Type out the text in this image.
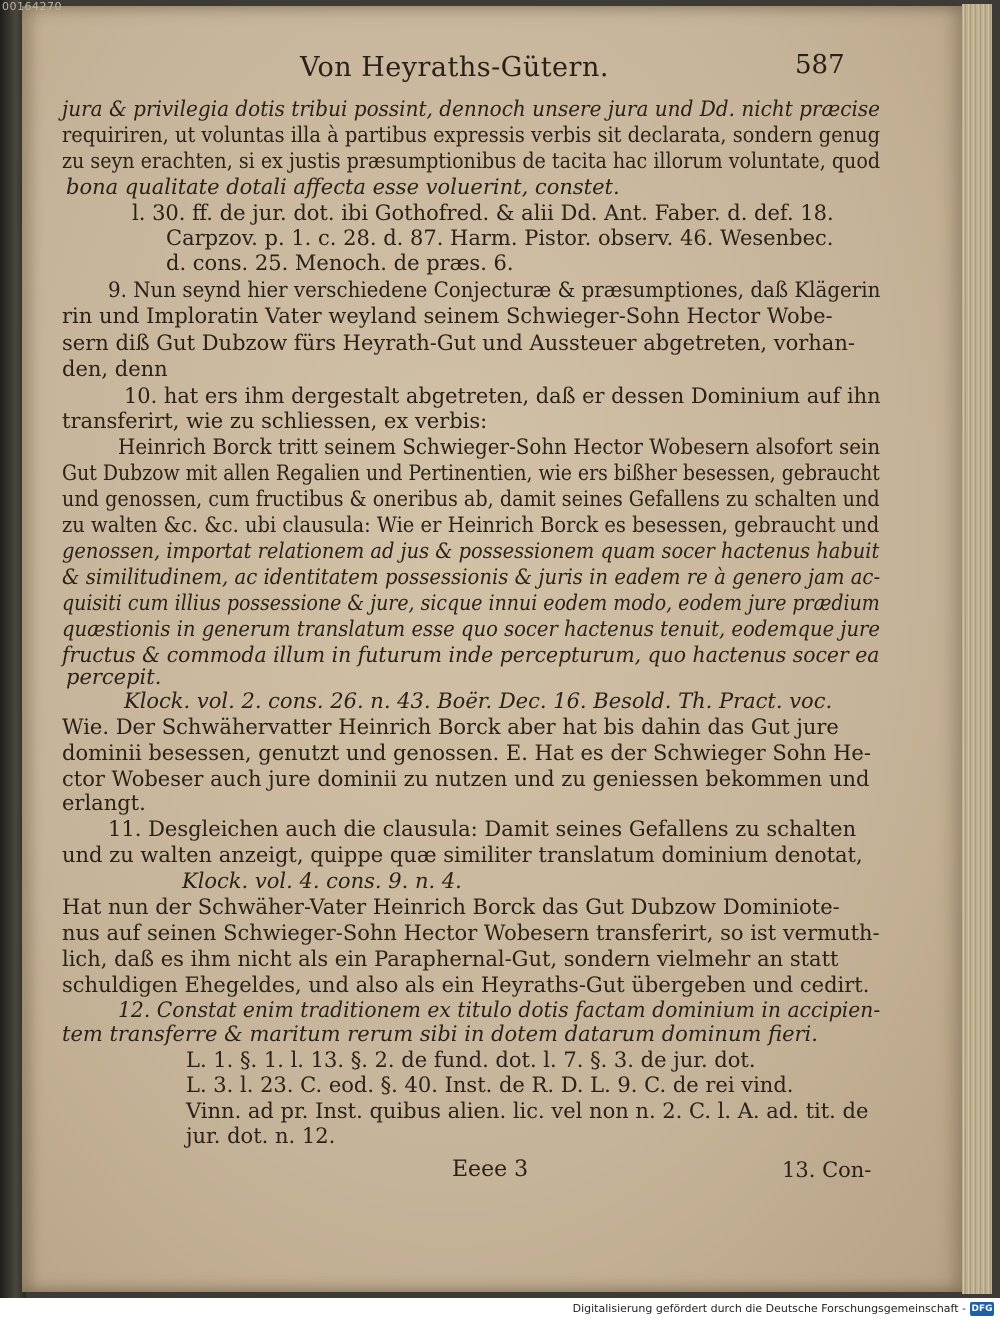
00164270
Von Heyraths-Gütern.	587
jura & privilegia dotis tribui possint, dennoch unsere jura und Dd. nicht præcise
requiriren, ut voluntas illa à partibus expressis verbis sit declarata, sondern genug
zu seyn erachten, si ex justis præsumptionibus de tacita hac illorum voluntate, quod
bona qualitate dotali affecta esse voluerint, constet.
l. 30. ff. de jur. dot. ibi Gothofred. & alii Dd. Ant. Faber. d. def. 18.
Carpzov. p. 1. c. 28. d. 87. Harm. Pistor. observ. 46. Wesenbec.
d. cons. 25. Menoch. de præs. 6.
9. Nun seynd hier verschiedene Conjecturæ & præsumptiones, daß Klägerin
rin und Imploratin Vater weyland seinem Schwieger-Sohn Hector Wobe-
sern diß Gut Dubzow fürs Heyrath-Gut und Aussteuer abgetreten, vorhan-
den, denn
10. hat ers ihm dergestalt abgetreten, daß er dessen Dominium auf ihn
transferirt, wie zu schliessen, ex verbis:
Heinrich Borck tritt seinem Schwieger-Sohn Hector Wobesern alsofort sein
Gut Dubzow mit allen Regalien und Pertinentien, wie ers bißher besessen, gebraucht
und genossen, cum fructibus & oneribus ab, damit seines Gefallens zu schalten und
zu walten &c. &c. ubi clausula: Wie er Heinrich Borck es besessen, gebraucht und
genossen, importat relationem ad jus & possessionem quam socer hactenus habuit
& similitudinem, ac identitatem possessionis & juris in eadem re à genero jam ac-
quisiti cum illius possessione & jure, sicque innui eodem modo, eodem jure prædium
quæstionis in generum translatum esse quo socer hactenus tenuit, eodemque jure
fructus & commoda illum in futurum inde percepturum, quo hactenus socer ea
percepit.
Klock. vol. 2. cons. 26. n. 43. Boër. Dec. 16. Besold. Th. Pract. voc.
Wie. Der Schwähervatter Heinrich Borck aber hat bis dahin das Gut jure
dominii besessen, genutzt und genossen. E. Hat es der Schwieger Sohn He-
ctor Wobeser auch jure dominii zu nutzen und zu geniessen bekommen und
erlangt.
11. Desgleichen auch die clausula: Damit seines Gefallens zu schalten
und zu walten anzeigt, quippe quæ similiter translatum dominium denotat,
Klock. vol. 4. cons. 9. n. 4.
Hat nun der Schwäher-Vater Heinrich Borck das Gut Dubzow Dominiote-
nus auf seinen Schwieger-Sohn Hector Wobesern transferirt, so ist vermuth-
lich, daß es ihm nicht als ein Paraphernal-Gut, sondern vielmehr an statt
schuldigen Ehegeldes, und also als ein Heyraths-Gut übergeben und cedirt.
12. Constat enim traditionem ex titulo dotis factam dominium in accipien-
tem transferre & maritum rerum sibi in dotem datarum dominum fieri.
L. 1. §. 1. l. 13. §. 2. de fund. dot. l. 7. §. 3. de jur. dot.
L. 3. l. 23. C. eod. §. 40. Inst. de R. D. L. 9. C. de rei vind.
Vinn. ad pr. Inst. quibus alien. lic. vel non n. 2. C. l. A. ad. tit. de
jur. dot. n. 12.
Eeee 3	13. Con-
Digitalisierung gefördert durch die Deutsche Forschungsgemeinschaft - DFG
